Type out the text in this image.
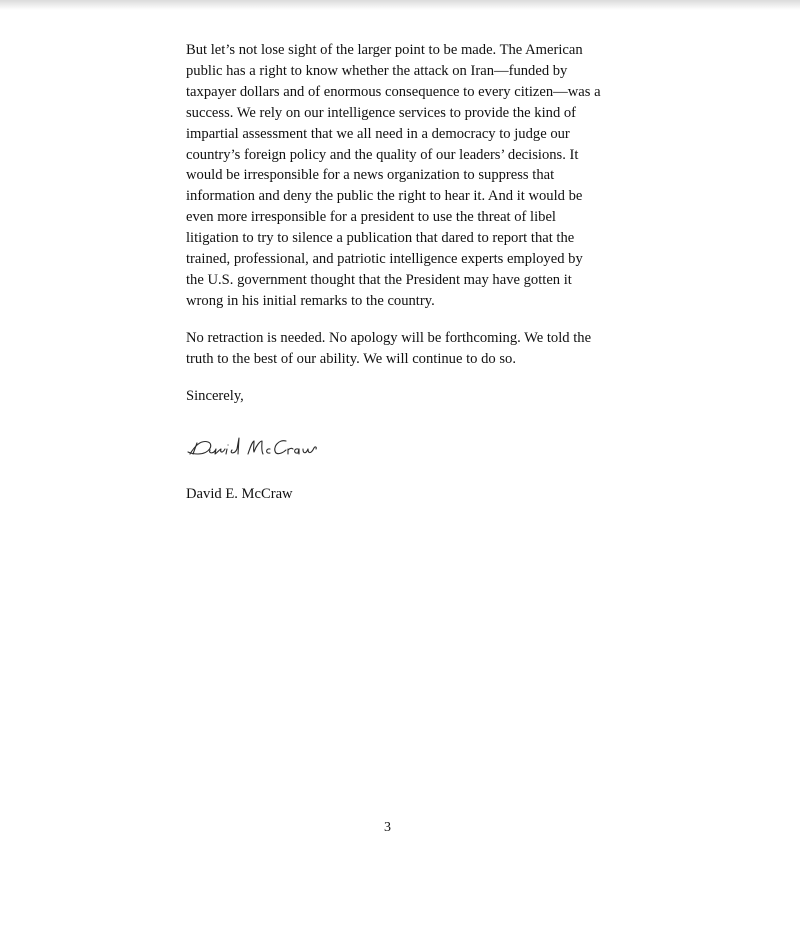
But let’s not lose sight of the larger point to be made. The American
public has a right to know whether the attack on Iran—funded by
taxpayer dollars and of enormous consequence to every citizen—was a
success. We rely on our intelligence services to provide the kind of
impartial assessment that we all need in a democracy to judge our
country’s foreign policy and the quality of our leaders’ decisions. It
would be irresponsible for a news organization to suppress that
information and deny the public the right to hear it. And it would be
even more irresponsible for a president to use the threat of libel
litigation to try to silence a publication that dared to report that the
trained, professional, and patriotic intelligence experts employed by
the U.S. government thought that the President may have gotten it
wrong in his initial remarks to the country.

No retraction is needed. No apology will be forthcoming. We told the
truth to the best of our ability. We will continue to do so.

Sincerely,

David E. McCraw
3
